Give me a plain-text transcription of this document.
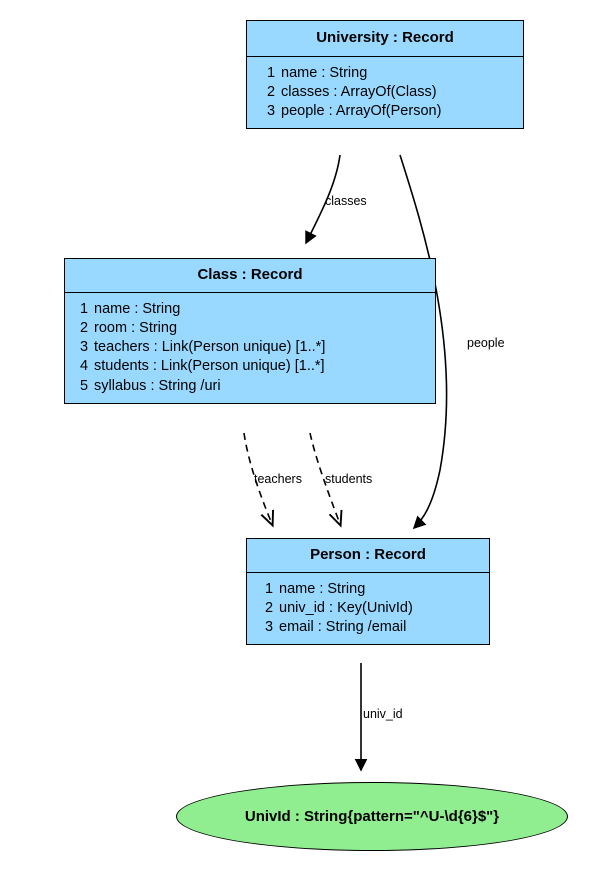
University : Record
1 name : String
2 classes : ArrayOf(Class)
3 people : ArrayOf(Person)
Class : Record
1 name : String
2 room : String
3 teachers : Link(Person unique) [1..*]
4 students : Link(Person unique) [1..*]
5 syllabus : String /uri
Person : Record
1 name : String
2 univ_id : Key(UnivId)
3 email : String /email
UnivId : String{pattern="^U-\d{6}$"}
classes
people
teachers students
univ_id
